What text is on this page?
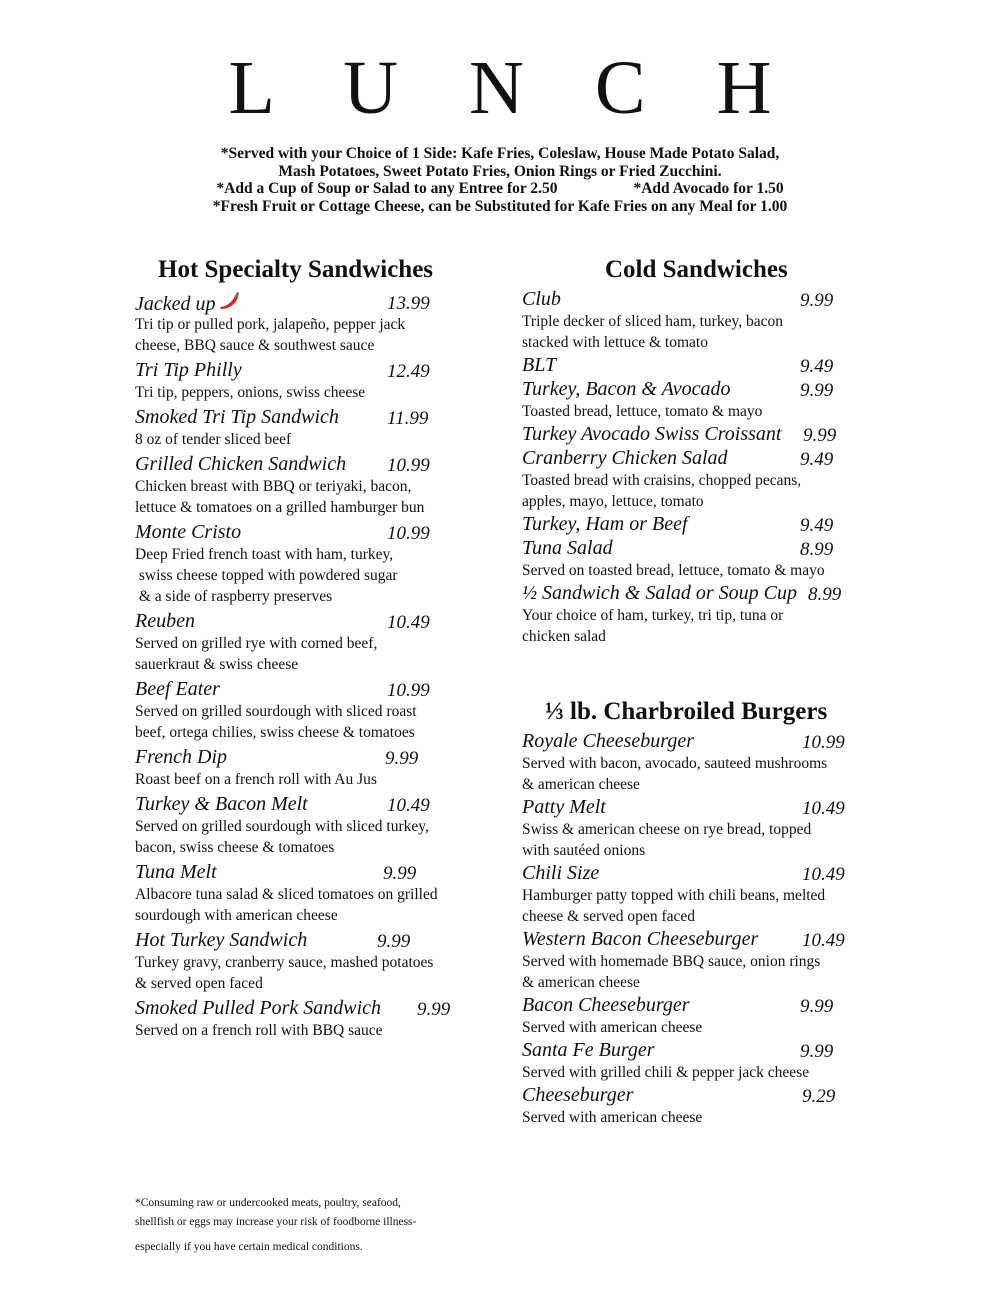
L U N C H
*Served with your Choice of 1 Side: Kafe Fries, Coleslaw, House Made Potato Salad,
Mash Potatoes, Sweet Potato Fries, Onion Rings or Fried Zucchini.
*Add a Cup of Soup or Salad to any Entree for 2.50	*Add Avocado for 1.50
*Fresh Fruit or Cottage Cheese, can be Substituted for Kafe Fries on any Meal for 1.00
Hot Specialty Sandwiches
Jacked up	13.99
Tri tip or pulled pork, jalapeño, pepper jack
cheese, BBQ sauce & southwest sauce
Tri Tip Philly	12.49
Tri tip, peppers, onions, swiss cheese
Smoked Tri Tip Sandwich	11.99
8 oz of tender sliced beef
Grilled Chicken Sandwich 10.99
Chicken breast with BBQ or teriyaki, bacon,
lettuce & tomatoes on a grilled hamburger bun
Monte Cristo	10.99
Deep Fried french toast with ham, turkey,
swiss cheese topped with powdered sugar
& a side of raspberry preserves
Reuben	10.49
Served on grilled rye with corned beef,
sauerkraut & swiss cheese
Beef Eater	10.99
Served on grilled sourdough with sliced roast
beef, ortega chilies, swiss cheese & tomatoes
French Dip	9.99
Roast beef on a french roll with Au Jus
Turkey & Bacon Melt	10.49
Served on grilled sourdough with sliced turkey,
bacon, swiss cheese & tomatoes
Tuna Melt	9.99
Albacore tuna salad & sliced tomatoes on grilled
sourdough with american cheese
Hot Turkey Sandwich	9.99
Turkey gravy, cranberry sauce, mashed potatoes
& served open faced
Smoked Pulled Pork Sandwich 9.99
Served on a french roll with BBQ sauce
Cold Sandwiches
Club	9.99
Triple decker of sliced ham, turkey, bacon
stacked with lettuce & tomato
BLT	9.49
Turkey, Bacon & Avocado	9.99
Toasted bread, lettuce, tomato & mayo
Turkey Avocado Swiss Croissant 9.99
Cranberry Chicken Salad	9.49
Toasted bread with craisins, chopped pecans,
apples, mayo, lettuce, tomato
Turkey, Ham or Beef	9.49
Tuna Salad	8.99
Served on toasted bread, lettuce, tomato & mayo
½ Sandwich & Salad or Soup Cup 8.99
Your choice of ham, turkey, tri tip, tuna or
chicken salad
⅓ lb. Charbroiled Burgers
Royale Cheeseburger	10.99
Served with bacon, avocado, sauteed mushrooms
& american cheese
Patty Melt	10.49
Swiss & american cheese on rye bread, topped
with sautéed onions
Chili Size	10.49
Hamburger patty topped with chili beans, melted
cheese & served open faced
Western Bacon Cheeseburger 10.49
Served with homemade BBQ sauce, onion rings
& american cheese
Bacon Cheeseburger	9.99
Served with american cheese
Santa Fe Burger	9.99
Served with grilled chili & pepper jack cheese
Cheeseburger	9.29
Served with american cheese
*Consuming raw or undercooked meats, poultry, seafood,
shellfish or eggs may increase your risk of foodborne illness-
especially if you have certain medical conditions.
